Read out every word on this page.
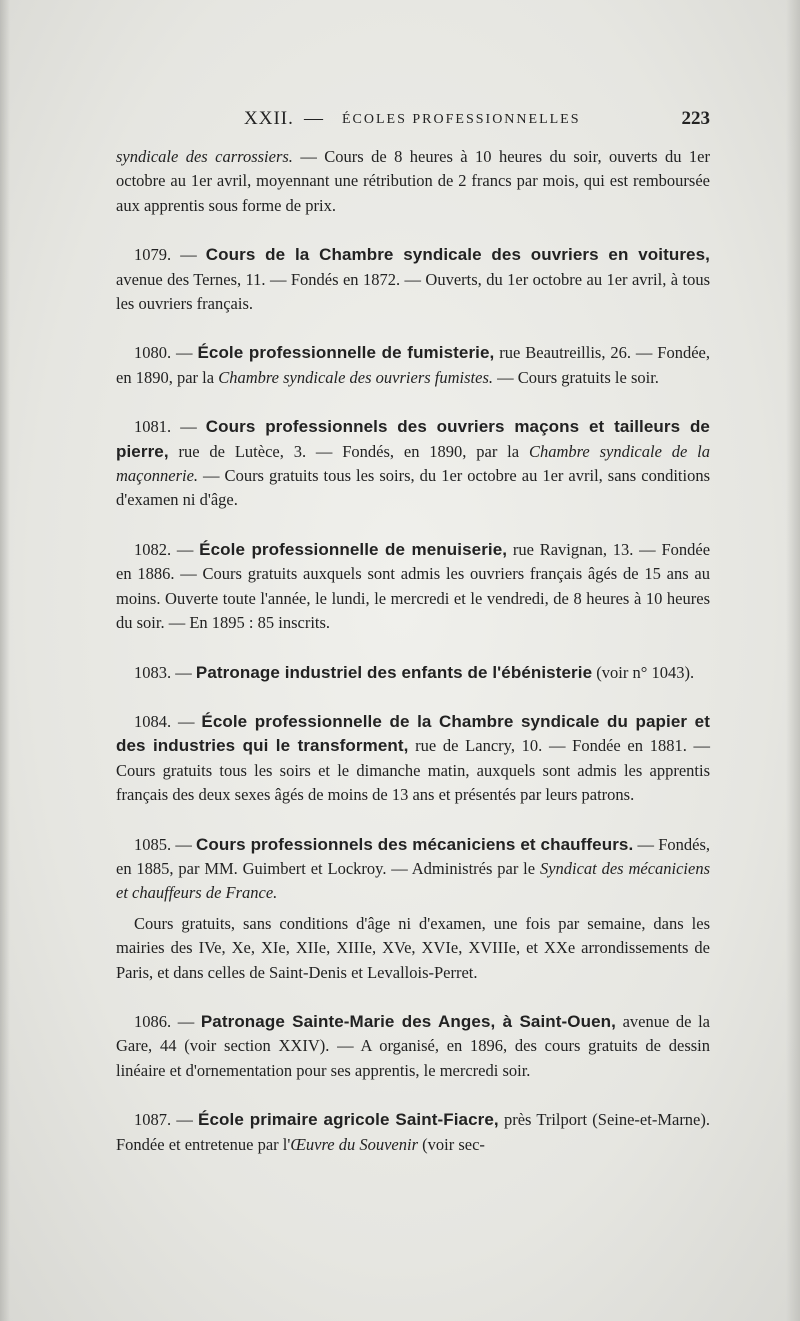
XXII. — ÉCOLES PROFESSIONNELLES	223

syndicale des carrossiers. — Cours de 8 heures à 10 heures du soir, ouverts du 1er octobre au 1er avril, moyennant une rétribution de 2 francs par mois, qui est remboursée aux apprentis sous forme de prix.

1079. — Cours de la Chambre syndicale des ouvriers en voitures, avenue des Ternes, 11. — Fondés en 1872. — Ouverts, du 1er octobre au 1er avril, à tous les ouvriers français.

1080. — École professionnelle de fumisterie, rue Beautreillis, 26. — Fondée, en 1890, par la Chambre syndicale des ouvriers fumistes. — Cours gratuits le soir.

1081. — Cours professionnels des ouvriers maçons et tailleurs de pierre, rue de Lutèce, 3. — Fondés, en 1890, par la Chambre syndicale de la maçonnerie. — Cours gratuits tous les soirs, du 1er octobre au 1er avril, sans conditions d'examen ni d'âge.

1082. — École professionnelle de menuiserie, rue Ravignan, 13. — Fondée en 1886. — Cours gratuits auxquels sont admis les ouvriers français âgés de 15 ans au moins. Ouverte toute l'année, le lundi, le mercredi et le vendredi, de 8 heures à 10 heures du soir. — En 1895 : 85 inscrits.

1083. — Patronage industriel des enfants de l'ébénisterie (voir n° 1043).

1084. — École professionnelle de la Chambre syndicale du papier et des industries qui le transforment, rue de Lancry, 10. — Fondée en 1881. — Cours gratuits tous les soirs et le dimanche matin, auxquels sont admis les apprentis français des deux sexes âgés de moins de 13 ans et présentés par leurs patrons.

1085. — Cours professionnels des mécaniciens et chauffeurs. — Fondés, en 1885, par MM. Guimbert et Lockroy. — Administrés par le Syndicat des mécaniciens et chauffeurs de France.

Cours gratuits, sans conditions d'âge ni d'examen, une fois par semaine, dans les mairies des IVe, Xe, XIe, XIIe, XIIIe, XVe, XVIe, XVIIIe, et XXe arrondissements de Paris, et dans celles de Saint-Denis et Levallois-Perret.

1086. — Patronage Sainte-Marie des Anges, à Saint-Ouen, avenue de la Gare, 44 (voir section XXIV). — A organisé, en 1896, des cours gratuits de dessin linéaire et d'ornementation pour ses apprentis, le mercredi soir.

1087. — École primaire agricole Saint-Fiacre, près Trilport (Seine-et-Marne). Fondée et entretenue par l'Œuvre du Souvenir (voir sec-
